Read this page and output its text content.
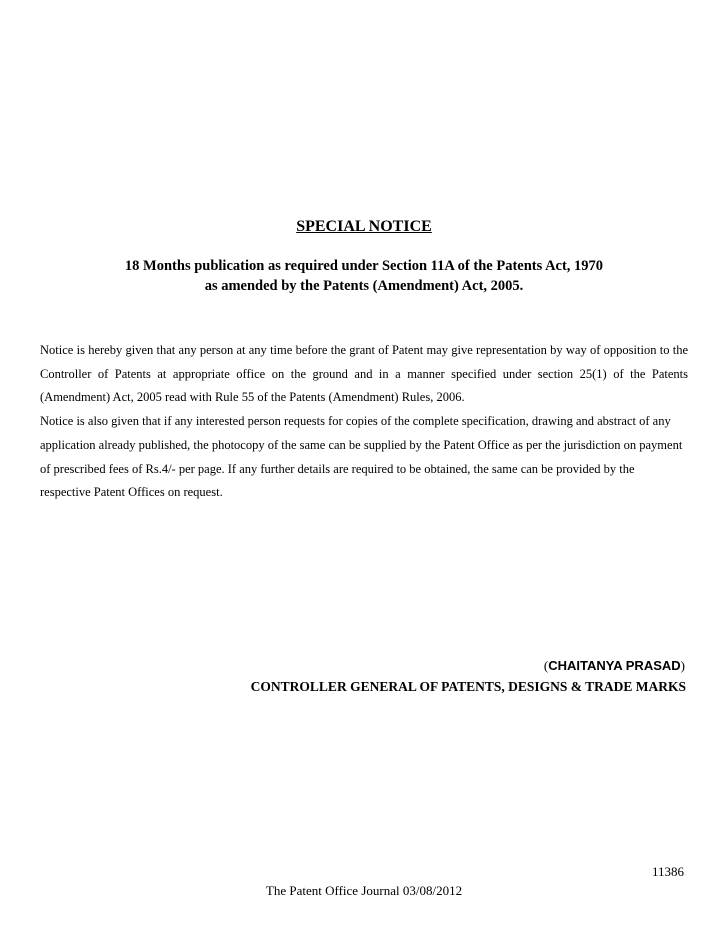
SPECIAL NOTICE
18 Months publication as required under Section 11A of the Patents Act, 1970
as amended by the Patents (Amendment) Act, 2005.

Notice is hereby given that any person at any time before the grant of Patent may give representation by way of opposition to the Controller of Patents at appropriate office on the ground and in a manner specified under section 25(1) of the Patents (Amendment) Act, 2005 read with Rule 55 of the Patents (Amendment) Rules, 2006.

Notice is also given that if any interested person requests for copies of the complete specification, drawing and abstract of any application already published, the photocopy of the same can be supplied by the Patent Office as per the jurisdiction on payment of prescribed fees of Rs.4/- per page. If any further details are required to be obtained, the same can be provided by the respective Patent Offices on request.

(CHAITANYA PRASAD)
CONTROLLER GENERAL OF PATENTS, DESIGNS & TRADE MARKS
11386
The Patent Office Journal 03/08/2012
